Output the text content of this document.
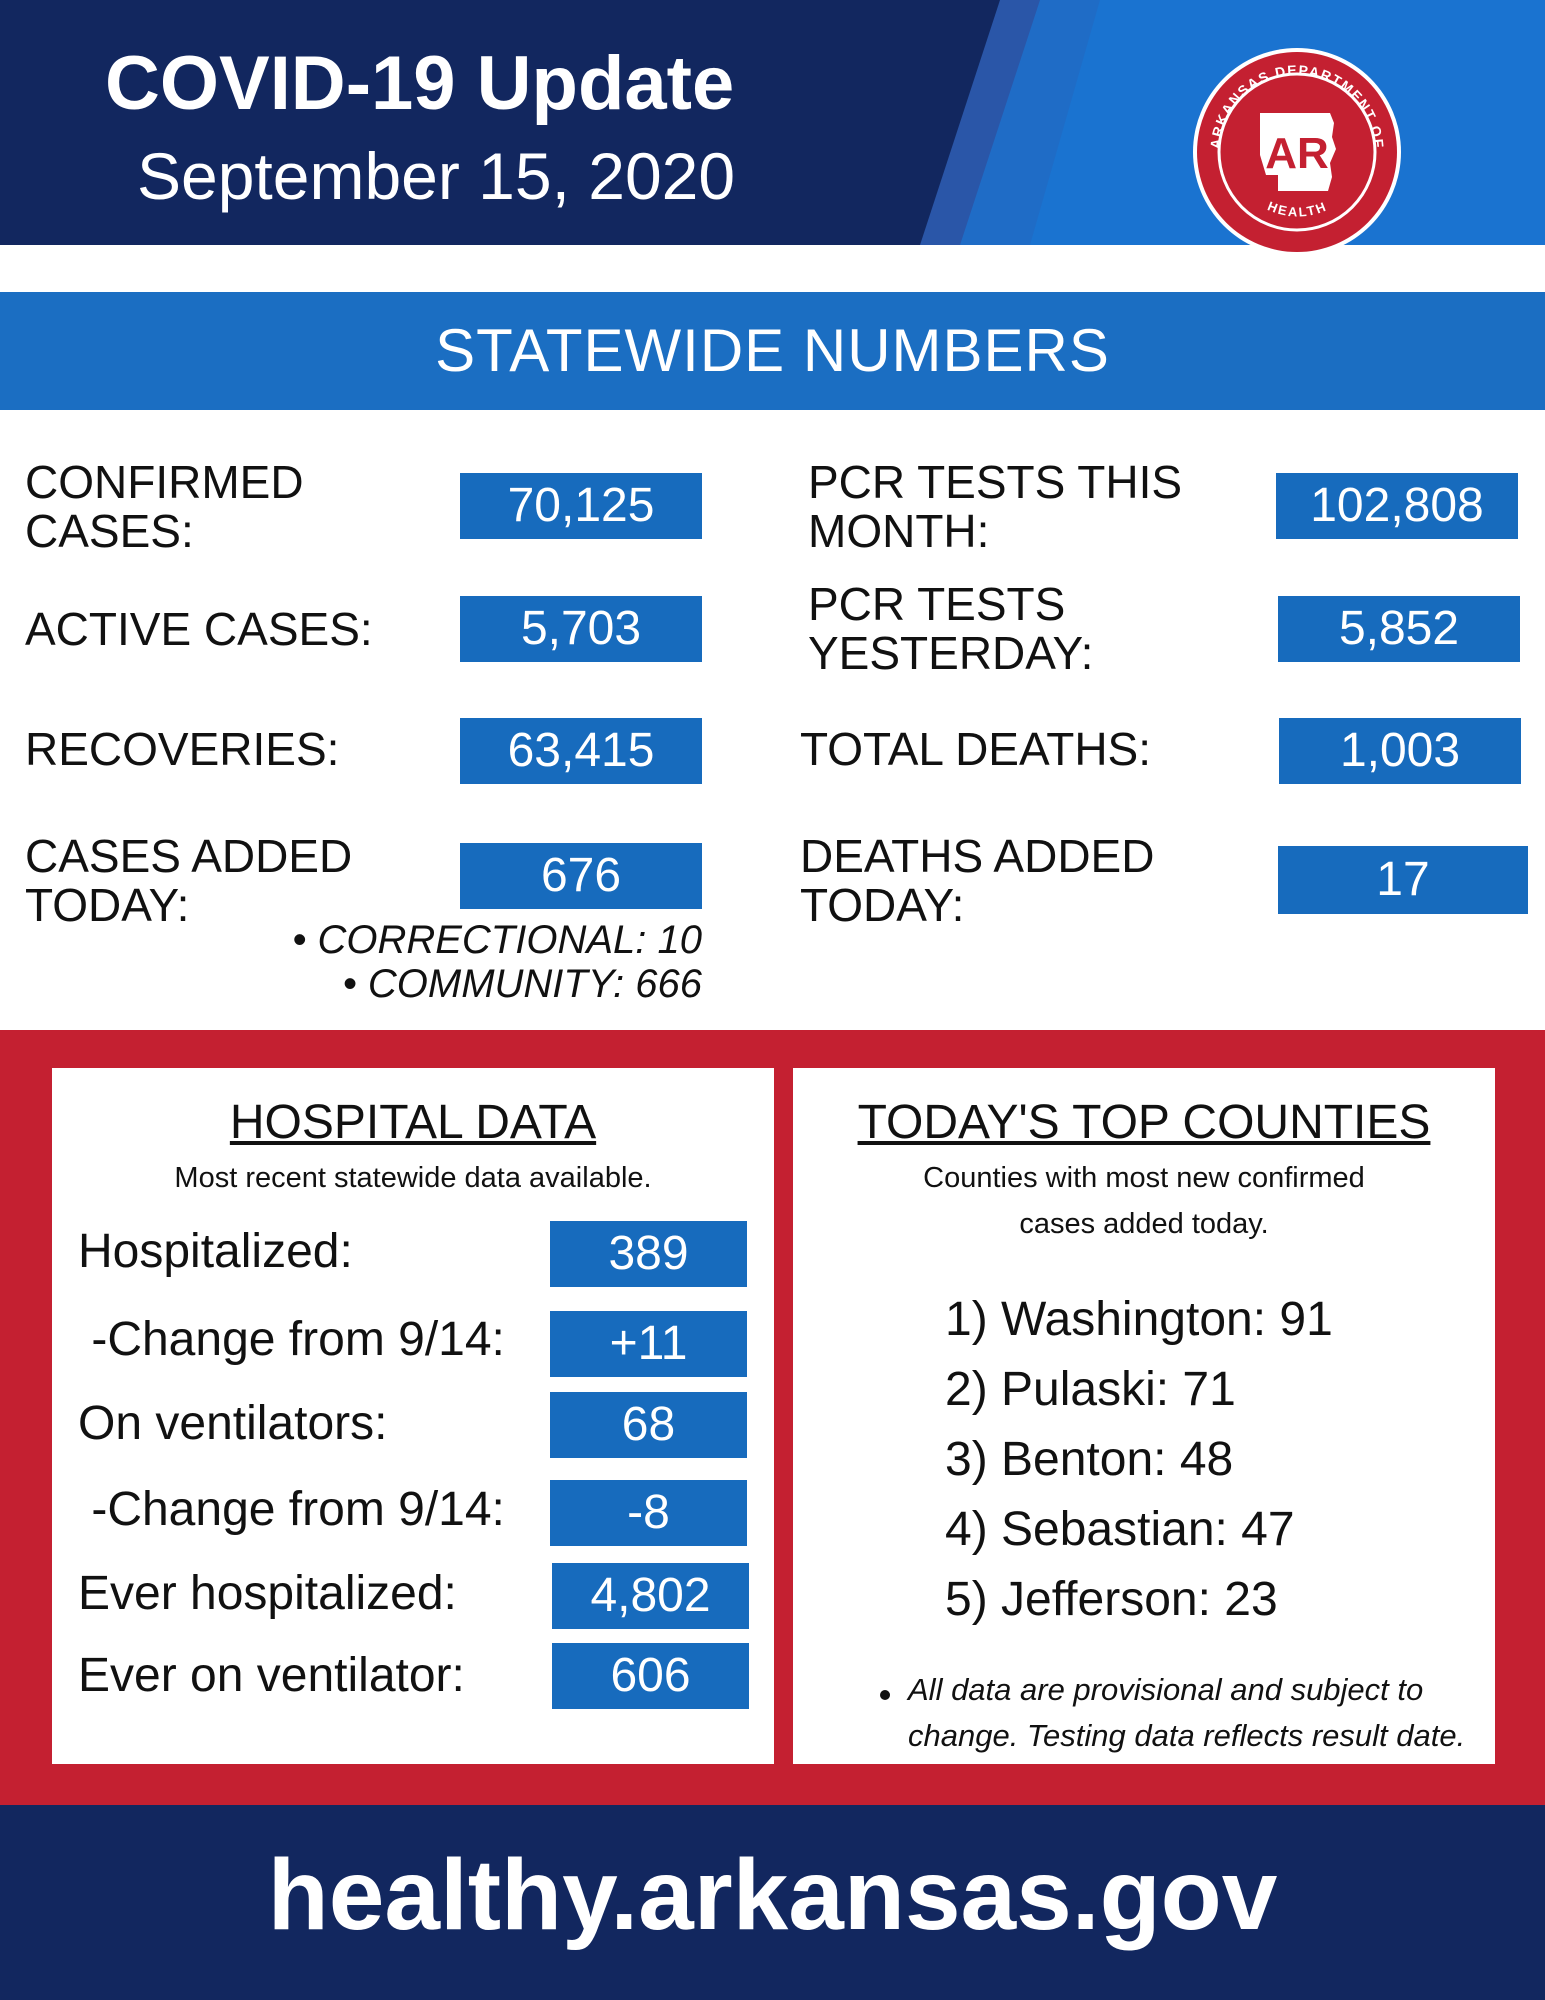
COVID-19 Update
September 15, 2020	ARKANSAS DEPARTMENT OF
HEALTH
AR
STATEWIDE NUMBERS
CONFIRMED CASES:	70,125
ACTIVE CASES:	5,703
RECOVERIES:	63,415
CASES ADDED TODAY:
676
• CORRECTIONAL: 10
• COMMUNITY: 666
PCR TESTS THIS MONTH:	102,808
PCR TESTS YESTERDAY:	5,852
TOTAL DEATHS:	1,003
DEATHS ADDED TODAY:	17
HOSPITAL DATA
Most recent statewide data available.
Hospitalized:	389
-Change from 9/14:	+11
On ventilators:	68
-Change from 9/14:	-8
Ever hospitalized:	4,802
Ever on ventilator:	606
TODAY'S TOP COUNTIES
Counties with most new confirmed
cases added today.
1) Washington: 91
2) Pulaski: 71
3) Benton: 48
4) Sebastian: 47
5) Jefferson: 23
All data are provisional and subject to
change. Testing data reflects result date.
healthy.arkansas.gov
